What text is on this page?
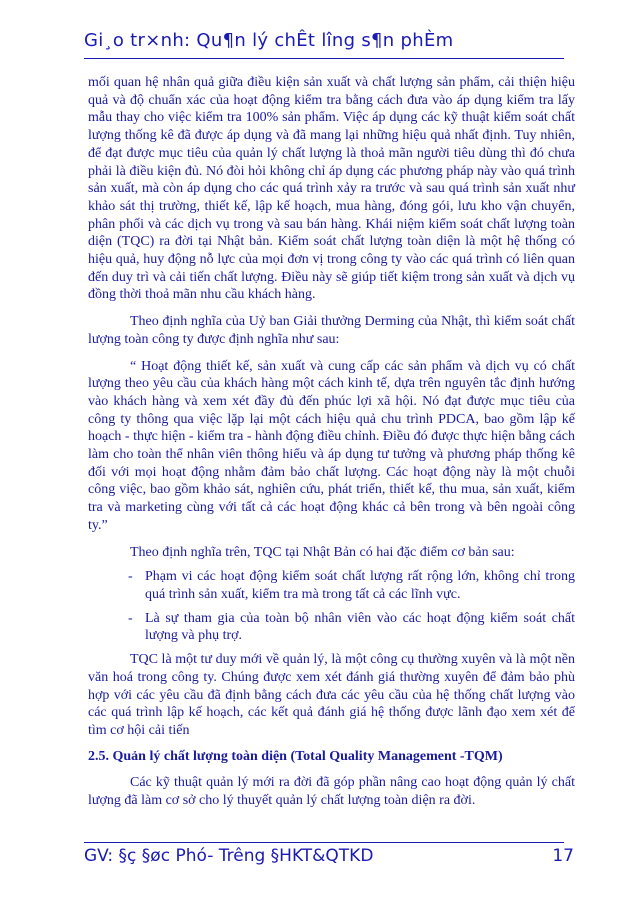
Gi¸o tr×nh: Qu¶n lý chÊt lîng s¶n phÈm

mối quan hệ nhân quả giữa điều kiện sản xuất và chất lượng sản phẩm, cải thiện hiệu quả và độ chuẩn xác của hoạt động kiểm tra bằng cách đưa vào áp dụng kiểm tra lấy mẫu thay cho việc kiểm tra 100% sản phẩm. Việc áp dụng các kỹ thuật kiểm soát chất lượng thống kê đã được áp dụng và đã mang lại những hiệu quả nhất định. Tuy nhiên, để đạt được mục tiêu của quản lý chất lượng là thoả mãn người tiêu dùng thì đó chưa phải là điều kiện đủ. Nó đòi hỏi không chỉ áp dụng các phương pháp này vào quá trình sản xuất, mà còn áp dụng cho các quá trình xảy ra trước và sau quá trình sản xuất như khảo sát thị trường, thiết kế, lập kế hoạch, mua hàng, đóng gói, lưu kho vận chuyển, phân phối và các dịch vụ trong và sau bán hàng. Khái niệm kiểm soát chất lượng toàn diện (TQC) ra đời tại Nhật bản. Kiểm soát chất lượng toàn diện là một hệ thống có hiệu quả, huy động nỗ lực của mọi đơn vị trong công ty vào các quá trình có liên quan đến duy trì và cải tiến chất lượng. Điều này sẽ giúp tiết kiệm trong sản xuất và dịch vụ đồng thời thoả mãn nhu cầu khách hàng.

Theo định nghĩa của Uỷ ban Giải thưởng Derming của Nhật, thì kiểm soát chất lượng toàn công ty được định nghĩa như sau:

“ Hoạt động thiết kế, sản xuất và cung cấp các sản phẩm và dịch vụ có chất lượng theo yêu cầu của khách hàng một cách kinh tế, dựa trên nguyên tắc định hướng vào khách hàng và xem xét đầy đủ đến phúc lợi xã hội. Nó đạt được mục tiêu của công ty thông qua việc lặp lại một cách hiệu quả chu trình PDCA, bao gồm lập kế hoạch - thực hiện - kiểm tra - hành động điều chỉnh. Điều đó được thực hiện bằng cách làm cho toàn thể nhân viên thông hiểu và áp dụng tư tưởng và phương pháp thống kê đối với mọi hoạt động nhằm đảm bảo chất lượng. Các hoạt động này là một chuỗi công việc, bao gồm khảo sát, nghiên cứu, phát triển, thiết kế, thu mua, sản xuất, kiểm tra và marketing cùng với tất cả các hoạt động khác cả bên trong và bên ngoài công ty.”

Theo định nghĩa trên, TQC tại Nhật Bản có hai đặc điểm cơ bản sau:

- Phạm vi các hoạt động kiểm soát chất lượng rất rộng lớn, không chỉ trong quá trình sản xuất, kiểm tra mà trong tất cả các lĩnh vực.
- Là sự tham gia của toàn bộ nhân viên vào các hoạt động kiểm soát chất lượng và phụ trợ.

TQC là một tư duy mới về quản lý, là một công cụ thường xuyên và là một nền văn hoá trong công ty. Chúng được xem xét đánh giá thường xuyên để đảm bảo phù hợp với các yêu cầu đã định bằng cách đưa các yêu cầu của hệ thống chất lượng vào các quá trình lập kế hoạch, các kết quả đánh giá hệ thống được lãnh đạo xem xét để tìm cơ hội cải tiến

2.5. Quản lý chất lượng toàn diện (Total Quality Management -TQM)

Các kỹ thuật quản lý mới ra đời đã góp phần nâng cao hoạt động quản lý chất lượng đã làm cơ sở cho lý thuyết quản lý chất lượng toàn diện ra đời.

GV: §ç §øc Phó- Trêng §HKT&QTKD	17
